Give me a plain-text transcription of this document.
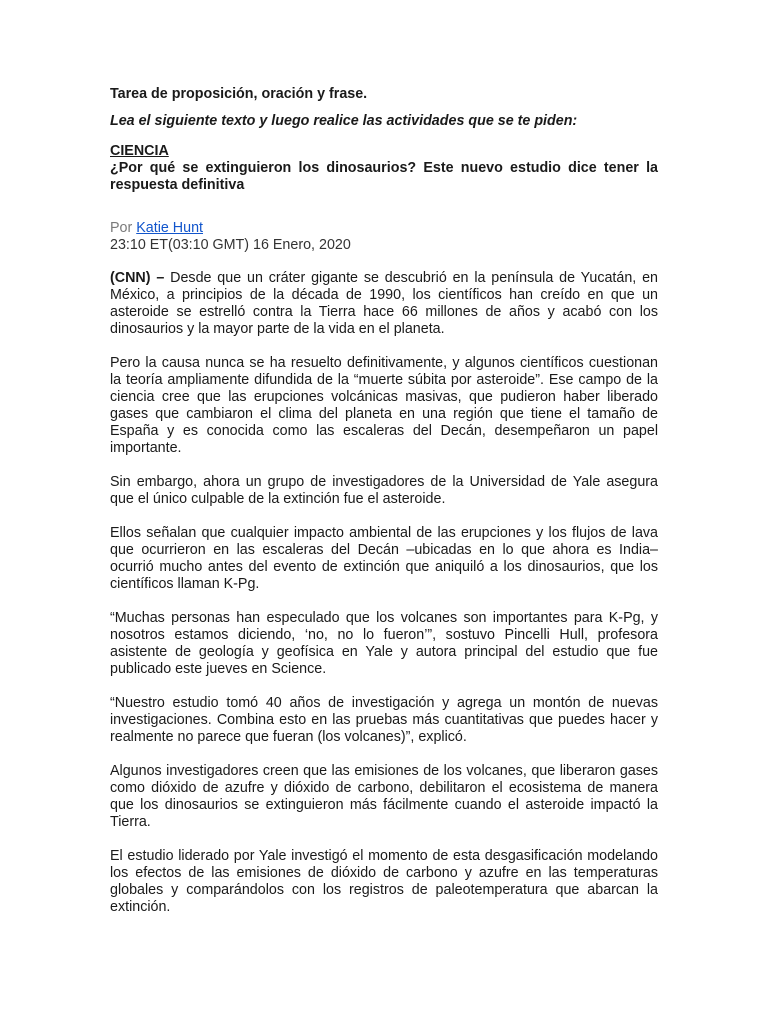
Tarea de proposición, oración y frase.
Lea el siguiente texto y luego realice las actividades que se te piden:
CIENCIA
¿Por qué se extinguieron los dinosaurios? Este nuevo estudio dice tener la respuesta definitiva
Por Katie Hunt
23:10 ET(03:10 GMT) 16 Enero, 2020

(CNN) – Desde que un cráter gigante se descubrió en la península de Yucatán, en México, a principios de la década de 1990, los científicos han creído en que un asteroide se estrelló contra la Tierra hace 66 millones de años y acabó con los dinosaurios y la mayor parte de la vida en el planeta.

Pero la causa nunca se ha resuelto definitivamente, y algunos científicos cuestionan la teoría ampliamente difundida de la “muerte súbita por asteroide”. Ese campo de la ciencia cree que las erupciones volcánicas masivas, que pudieron haber liberado gases que cambiaron el clima del planeta en una región que tiene el tamaño de España y es conocida como las escaleras del Decán, desempeñaron un papel importante.

Sin embargo, ahora un grupo de investigadores de la Universidad de Yale asegura que el único culpable de la extinción fue el asteroide.

Ellos señalan que cualquier impacto ambiental de las erupciones y los flujos de lava que ocurrieron en las escaleras del Decán –ubicadas en lo que ahora es India– ocurrió mucho antes del evento de extinción que aniquiló a los dinosaurios, que los científicos llaman K-Pg.

“Muchas personas han especulado que los volcanes son importantes para K-Pg, y nosotros estamos diciendo, ‘no, no lo fueron’”, sostuvo Pincelli Hull, profesora asistente de geología y geofísica en Yale y autora principal del estudio que fue publicado este jueves en Science.

“Nuestro estudio tomó 40 años de investigación y agrega un montón de nuevas investigaciones. Combina esto en las pruebas más cuantitativas que puedes hacer y realmente no parece que fueran (los volcanes)”, explicó.

Algunos investigadores creen que las emisiones de los volcanes, que liberaron gases como dióxido de azufre y dióxido de carbono, debilitaron el ecosistema de manera que los dinosaurios se extinguieron más fácilmente cuando el asteroide impactó la Tierra.

El estudio liderado por Yale investigó el momento de esta desgasificación modelando los efectos de las emisiones de dióxido de carbono y azufre en las temperaturas globales y comparándolos con los registros de paleotemperatura que abarcan la extinción.
